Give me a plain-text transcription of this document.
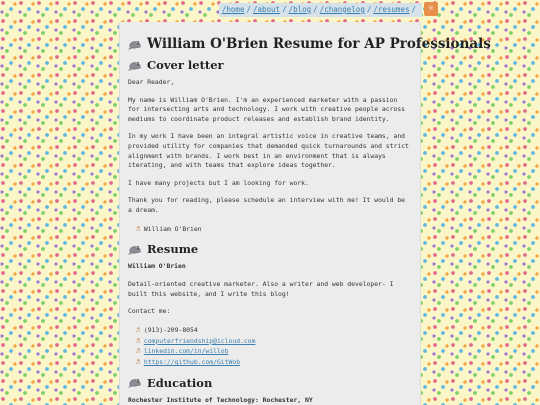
/home / /about / /blog / /changelog / /resumes /	☼
William O'Brien Resume for AP Professionals
Cover letter

Dear Reader,

My name is William O'Brien. I'm an experienced marketer with a passion for intersecting arts and technology. I work with creative people across mediums to coordinate product releases and establish brand identity.

In my work I have been an integral artistic voice in creative teams, and provided utility for companies that demanded quick turnarounds and strict alignment with brands. I work best in an environment that is always iterating, and with teams that explore ideas together.

I have many projects but I am looking for work.

Thank you for reading, please schedule an interview with me! It would be a dream.

♬ William O'Brien
Resume

William O'Brien

Detail-oriented creative marketer. Also a writer and web developer- I built this website, and I write this blog!

Contact me:

♬ (913)-209-8054
♬ computerfriendship@icloud.com
♬ linkedin.com/in/willob
♬ https://github.com/GitWob
Education

Rochester Institute of Technology: Rochester, NY
